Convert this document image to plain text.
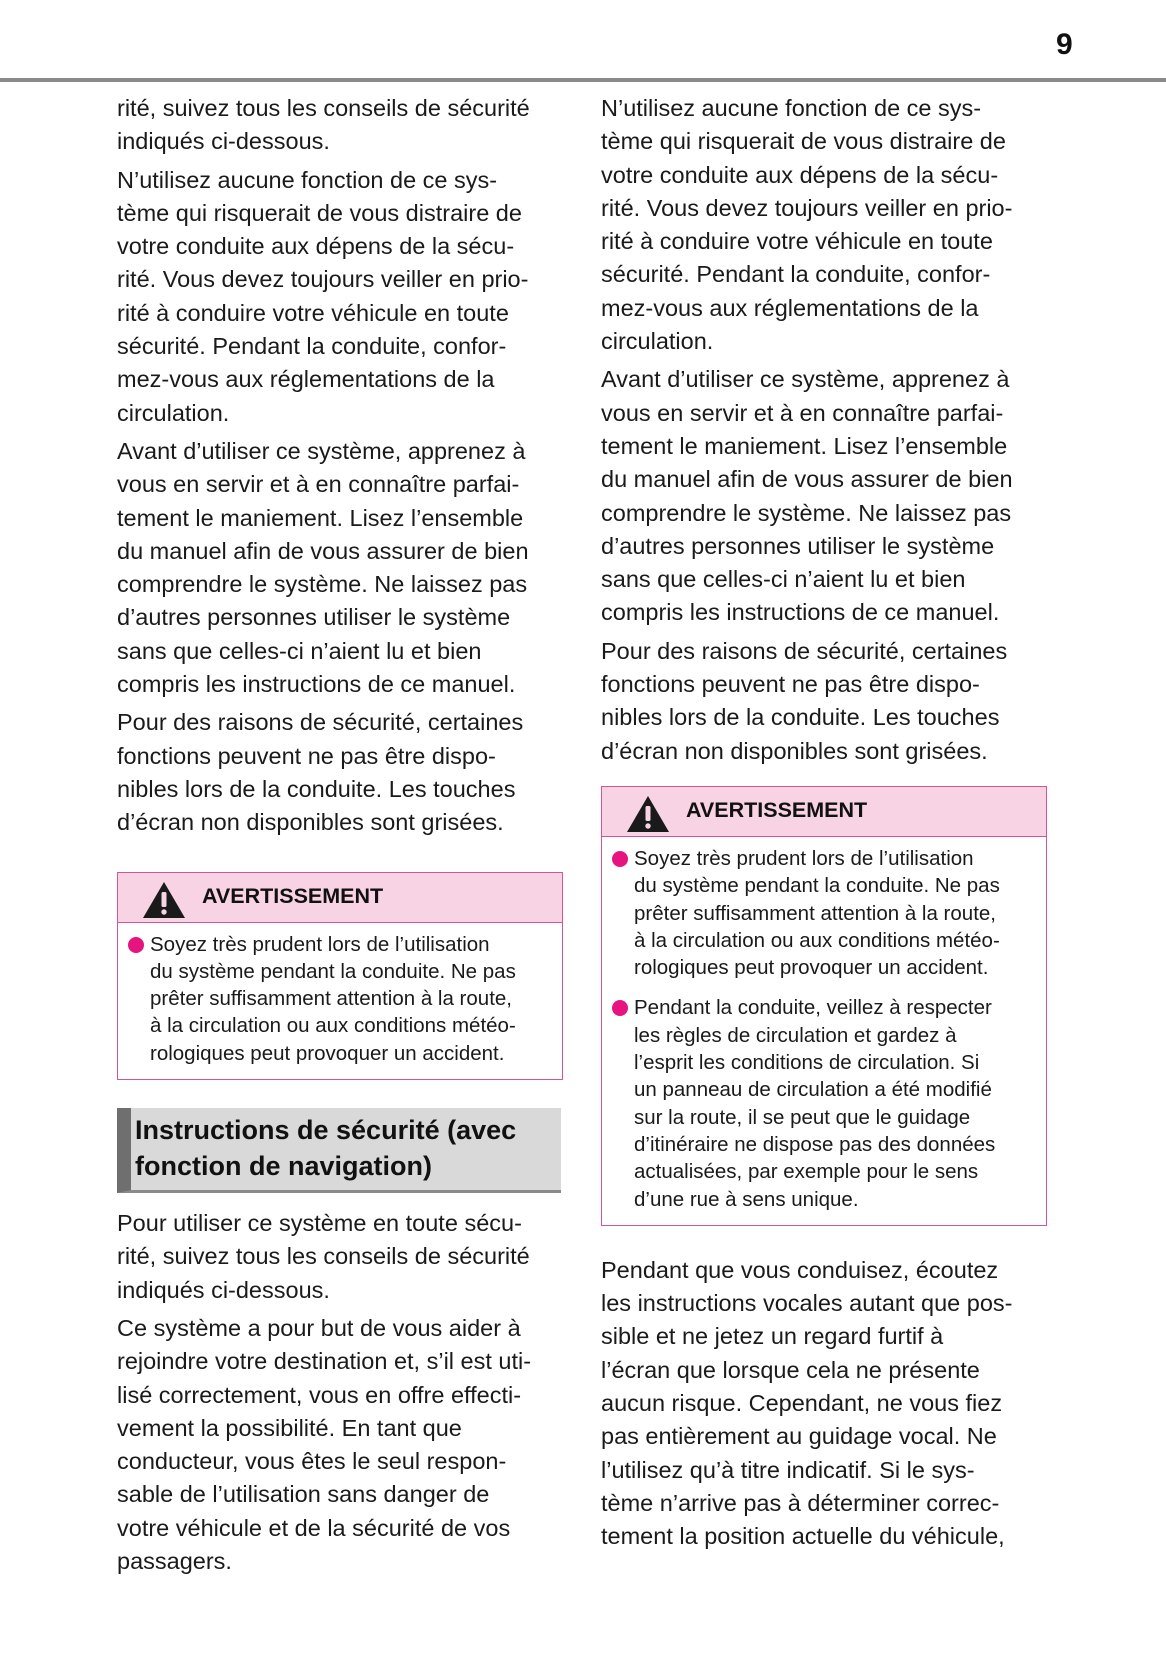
9

rité, suivez tous les conseils de sécurité
indiqués ci-dessous.

N’utilisez aucune fonction de ce sys-
tème qui risquerait de vous distraire de
votre conduite aux dépens de la sécu-
rité. Vous devez toujours veiller en prio-
rité à conduire votre véhicule en toute
sécurité. Pendant la conduite, confor-
mez-vous aux réglementations de la
circulation.

Avant d’utiliser ce système, apprenez à
vous en servir et à en connaître parfai-
tement le maniement. Lisez l’ensemble
du manuel afin de vous assurer de bien
comprendre le système. Ne laissez pas
d’autres personnes utiliser le système
sans que celles-ci n’aient lu et bien
compris les instructions de ce manuel.

Pour des raisons de sécurité, certaines
fonctions peuvent ne pas être dispo-
nibles lors de la conduite. Les touches
d’écran non disponibles sont grisées.

AVERTISSEMENT
Soyez très prudent lors de l’utilisation
du système pendant la conduite. Ne pas
prêter suffisamment attention à la route,
à la circulation ou aux conditions météo-
rologiques peut provoquer un accident.
Instructions de sécurité (avec
fonction de navigation)

Pour utiliser ce système en toute sécu-
rité, suivez tous les conseils de sécurité
indiqués ci-dessous.

Ce système a pour but de vous aider à
rejoindre votre destination et, s’il est uti-
lisé correctement, vous en offre effecti-
vement la possibilité. En tant que
conducteur, vous êtes le seul respon-
sable de l’utilisation sans danger de
votre véhicule et de la sécurité de vos
passagers.

N’utilisez aucune fonction de ce sys-
tème qui risquerait de vous distraire de
votre conduite aux dépens de la sécu-
rité. Vous devez toujours veiller en prio-
rité à conduire votre véhicule en toute
sécurité. Pendant la conduite, confor-
mez-vous aux réglementations de la
circulation.

Avant d’utiliser ce système, apprenez à
vous en servir et à en connaître parfai-
tement le maniement. Lisez l’ensemble
du manuel afin de vous assurer de bien
comprendre le système. Ne laissez pas
d’autres personnes utiliser le système
sans que celles-ci n’aient lu et bien
compris les instructions de ce manuel.

Pour des raisons de sécurité, certaines
fonctions peuvent ne pas être dispo-
nibles lors de la conduite. Les touches
d’écran non disponibles sont grisées.

AVERTISSEMENT
Soyez très prudent lors de l’utilisation
du système pendant la conduite. Ne pas
prêter suffisamment attention à la route,
à la circulation ou aux conditions météo-
rologiques peut provoquer un accident.
Pendant la conduite, veillez à respecter
les règles de circulation et gardez à
l’esprit les conditions de circulation. Si
un panneau de circulation a été modifié
sur la route, il se peut que le guidage
d’itinéraire ne dispose pas des données
actualisées, par exemple pour le sens
d’une rue à sens unique.

Pendant que vous conduisez, écoutez
les instructions vocales autant que pos-
sible et ne jetez un regard furtif à
l’écran que lorsque cela ne présente
aucun risque. Cependant, ne vous fiez
pas entièrement au guidage vocal. Ne
l’utilisez qu’à titre indicatif. Si le sys-
tème n’arrive pas à déterminer correc-
tement la position actuelle du véhicule,
